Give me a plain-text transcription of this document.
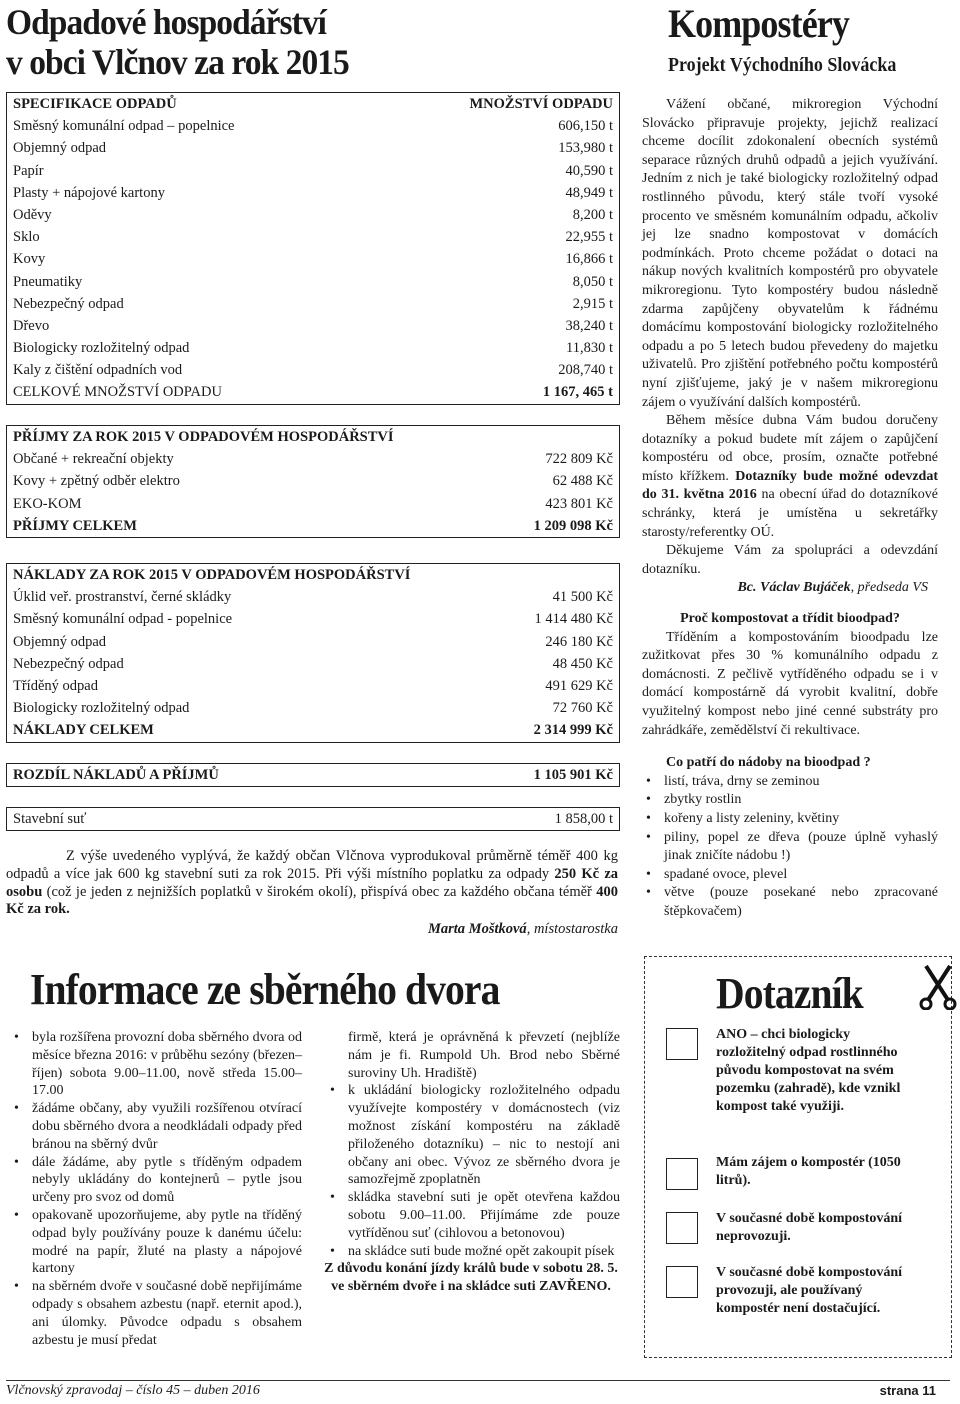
Odpadové hospodářství
v obci Vlčnov za rok 2015
SPECIFIKACE ODPADŮ	MNOŽSTVÍ ODPADU
Směsný komunální odpad – popelnice	606,150 t
Objemný odpad	153,980 t
Papír	40,590 t
Plasty + nápojové kartony	48,949 t
Oděvy	8,200 t
Sklo	22,955 t
Kovy	16,866 t
Pneumatiky	8,050 t
Nebezpečný odpad	2,915 t
Dřevo	38,240 t
Biologicky rozložitelný odpad	11,830 t
Kaly z čištění odpadních vod	208,740 t
CELKOVÉ MNOŽSTVÍ ODPADU	1 167, 465 t
PŘÍJMY ZA ROK 2015 V ODPADOVÉM HOSPODÁŘSTVÍ
Občané + rekreační objekty	722 809 Kč
Kovy + zpětný odběr elektro	62 488 Kč
EKO-KOM	423 801 Kč
PŘÍJMY CELKEM	1 209 098 Kč
NÁKLADY ZA ROK 2015 V ODPADOVÉM HOSPODÁŘSTVÍ
Úklid veř. prostranství, černé skládky	41 500 Kč
Směsný komunální odpad - popelnice	1 414 480 Kč
Objemný odpad	246 180 Kč
Nebezpečný odpad	48 450 Kč
Tříděný odpad	491 629 Kč
Biologicky rozložitelný odpad	72 760 Kč
NÁKLADY CELKEM	2 314 999 Kč
ROZDÍL NÁKLADŮ A PŘÍJMŮ	1 105 901 Kč
Stavební suť	1 858,00 t
Z výše uvedeného vyplývá, že každý občan Vlčnova vyprodukoval průměrně téměř 400 kg odpadů a více jak 600 kg stavební suti za rok 2015. Při výši místního poplatku za odpady 250 Kč za osobu (což je jeden z nejnižších poplatků v širokém okolí), přispívá obec za každého občana téměř 400 Kč za rok.
Marta Moštková, místostarostka
Kompostéry
Projekt Východního Slovácka

Vážení občané, mikroregion Východní Slovácko připravuje projekty, jejichž realizací chceme docílit zdokonalení obecních systémů separace různých druhů odpadů a jejich využívání. Jedním z nich je také biologicky rozložitelný odpad rostlinného původu, který stále tvoří vysoké procento ve směsném komunálním odpadu, ačkoliv jej lze snadno kompostovat v domácích podmínkách. Proto chceme požádat o dotaci na nákup nových kvalitních kompostérů pro obyvatele mikroregionu. Tyto kompostéry budou následně zdarma zapůjčeny obyvatelům k řádnému domácímu kompostování biologicky rozložitelného odpadu a po 5 letech budou převedeny do majetku uživatelů. Pro zjištění potřebného počtu kompostérů nyní zjišťujeme, jaký je v našem mikroregionu zájem o využívání dalších kompostérů.

Během měsíce dubna Vám budou doručeny dotazníky a pokud budete mít zájem o zapůjčení kompostéru od obce, prosím, označte potřebné místo křížkem. Dotazníky bude možné odevzdat do 31. května 2016 na obecní úřad do dotazníkové schránky, která je umístěna u sekretářky starosty/referentky OÚ.

Děkujeme Vám za spolupráci a odevzdání dotazníku.

Bc. Václav Bujáček, předseda VS

Proč kompostovat a třídit bioodpad?

Tříděním a kompostováním bioodpadu lze zužitkovat přes 30 % komunálního odpadu z domácnosti. Z pečlivě vytříděného odpadu se i v domácí kompostárně dá vyrobit kvalitní, dobře využitelný kompost nebo jiné cenné substráty pro zahrádkáře, zemědělství či rekultivace.

Co patří do nádoby na bioodpad ?

• listí, tráva, drny se zeminou
• zbytky rostlin
• kořeny a listy zeleniny, květiny
• piliny, popel ze dřeva (pouze úplně vyhaslý jinak zničíte nádobu !)
• spadané ovoce, plevel
• větve (pouze posekané nebo zpracované štěpkovačem)
Informace ze sběrného dvora
• byla rozšířena provozní doba sběrného dvora od měsíce března 2016: v průběhu sezóny (březen–říjen) sobota 9.00–11.00, nově středa 15.00–17.00
• žádáme občany, aby využili rozšířenou otvírací dobu sběrného dvora a neodkládali odpady před bránou na sběrný dvůr
• dále žádáme, aby pytle s tříděným odpadem nebyly ukládány do kontejnerů – pytle jsou určeny pro svoz od domů
• opakovaně upozorňujeme, aby pytle na tříděný odpad byly používány pouze k danému účelu: modré na papír, žluté na plasty a nápojové kartony
• na sběrném dvoře v současné době nepřijímáme odpady s obsahem azbestu (např. eternit apod.), ani úlomky. Původce odpadu s obsahem azbestu je musí předat

firmě, která je oprávněná k převzetí (nejblíže nám je fi. Rumpold Uh. Brod nebo Sběrné suroviny Uh. Hradiště)

• k ukládání biologicky rozložitelného odpadu využívejte kompostéry v domácnostech (viz možnost získání kompostéru na základě přiloženého dotazníku) – nic to nestojí ani občany ani obec. Vývoz ze sběrného dvora je samozřejmě zpoplatněn
• skládka stavební suti je opět otevřena každou sobotu 9.00–11.00. Přijímáme zde pouze vytříděnou suť (cihlovou a betonovou)
• na skládce suti bude možné opět zakoupit písek

Z důvodu konání jízdy králů bude v sobotu 28. 5. ve sběrném dvoře i na skládce suti ZAVŘENO.

Dotazník
ANO – chci biologicky rozložitelný odpad rostlinného původu kompostovat na svém pozemku (zahradě), kde vznikl kompost také využiji.
Mám zájem o kompostér (1050 litrů).
V současné době kompostování neprovozuji.
V současné době kompostování provozuji, ale používaný kompostér není dostačující.
Vlčnovský zpravodaj – číslo 45 – duben 2016	strana 11
